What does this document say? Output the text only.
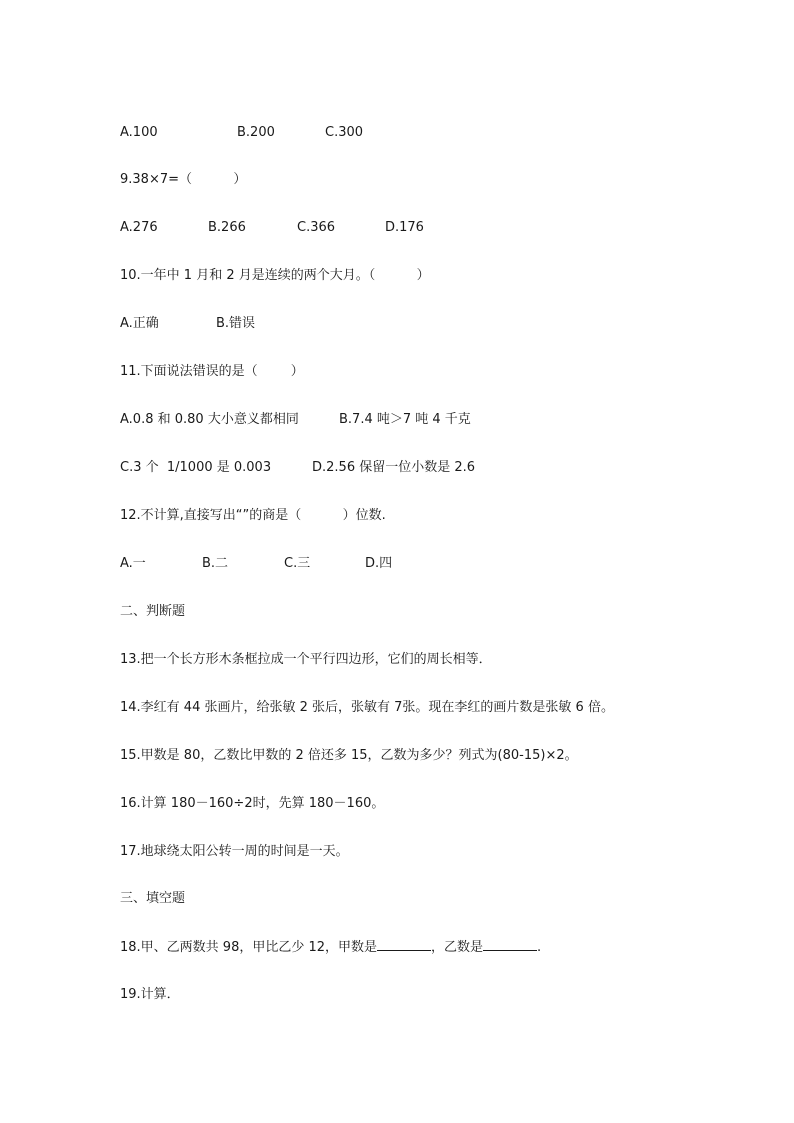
A.100	B.200	C.300
9.38×7=（          ）
A.276	B.266	C.366	D.176
10.一年中 1 月和 2 月是连续的两个大月。（          ）
A.正确	B.错误
11.下面说法错误的是（        ）
A.0.8 和 0.80 大小意义都相同	B.7.4 吨＞7 吨 4 千克
C.3 个  1/1000 是 0.003	D.2.56 保留一位小数是 2.6
12.不计算,直接写出“”的商是（          ）位数.
A.一	B.二	C.三	D.四
二、判断题
13.把一个长方形木条框拉成一个平行四边形，它们的周长相等．
14.李红有 44 张画片，给张敏 2 张后，张敏有 7张。现在李红的画片数是张敏 6 倍。
15.甲数是 80，乙数比甲数的 2 倍还多 15，乙数为多少？列式为(80-15)×2。
16.计算 180－160÷2时，先算 180－160。
17.地球绕太阳公转一周的时间是一天。
三、填空题
18.甲、乙两数共 98，甲比乙少 12，甲数是	，乙数是	.
19.计算．
